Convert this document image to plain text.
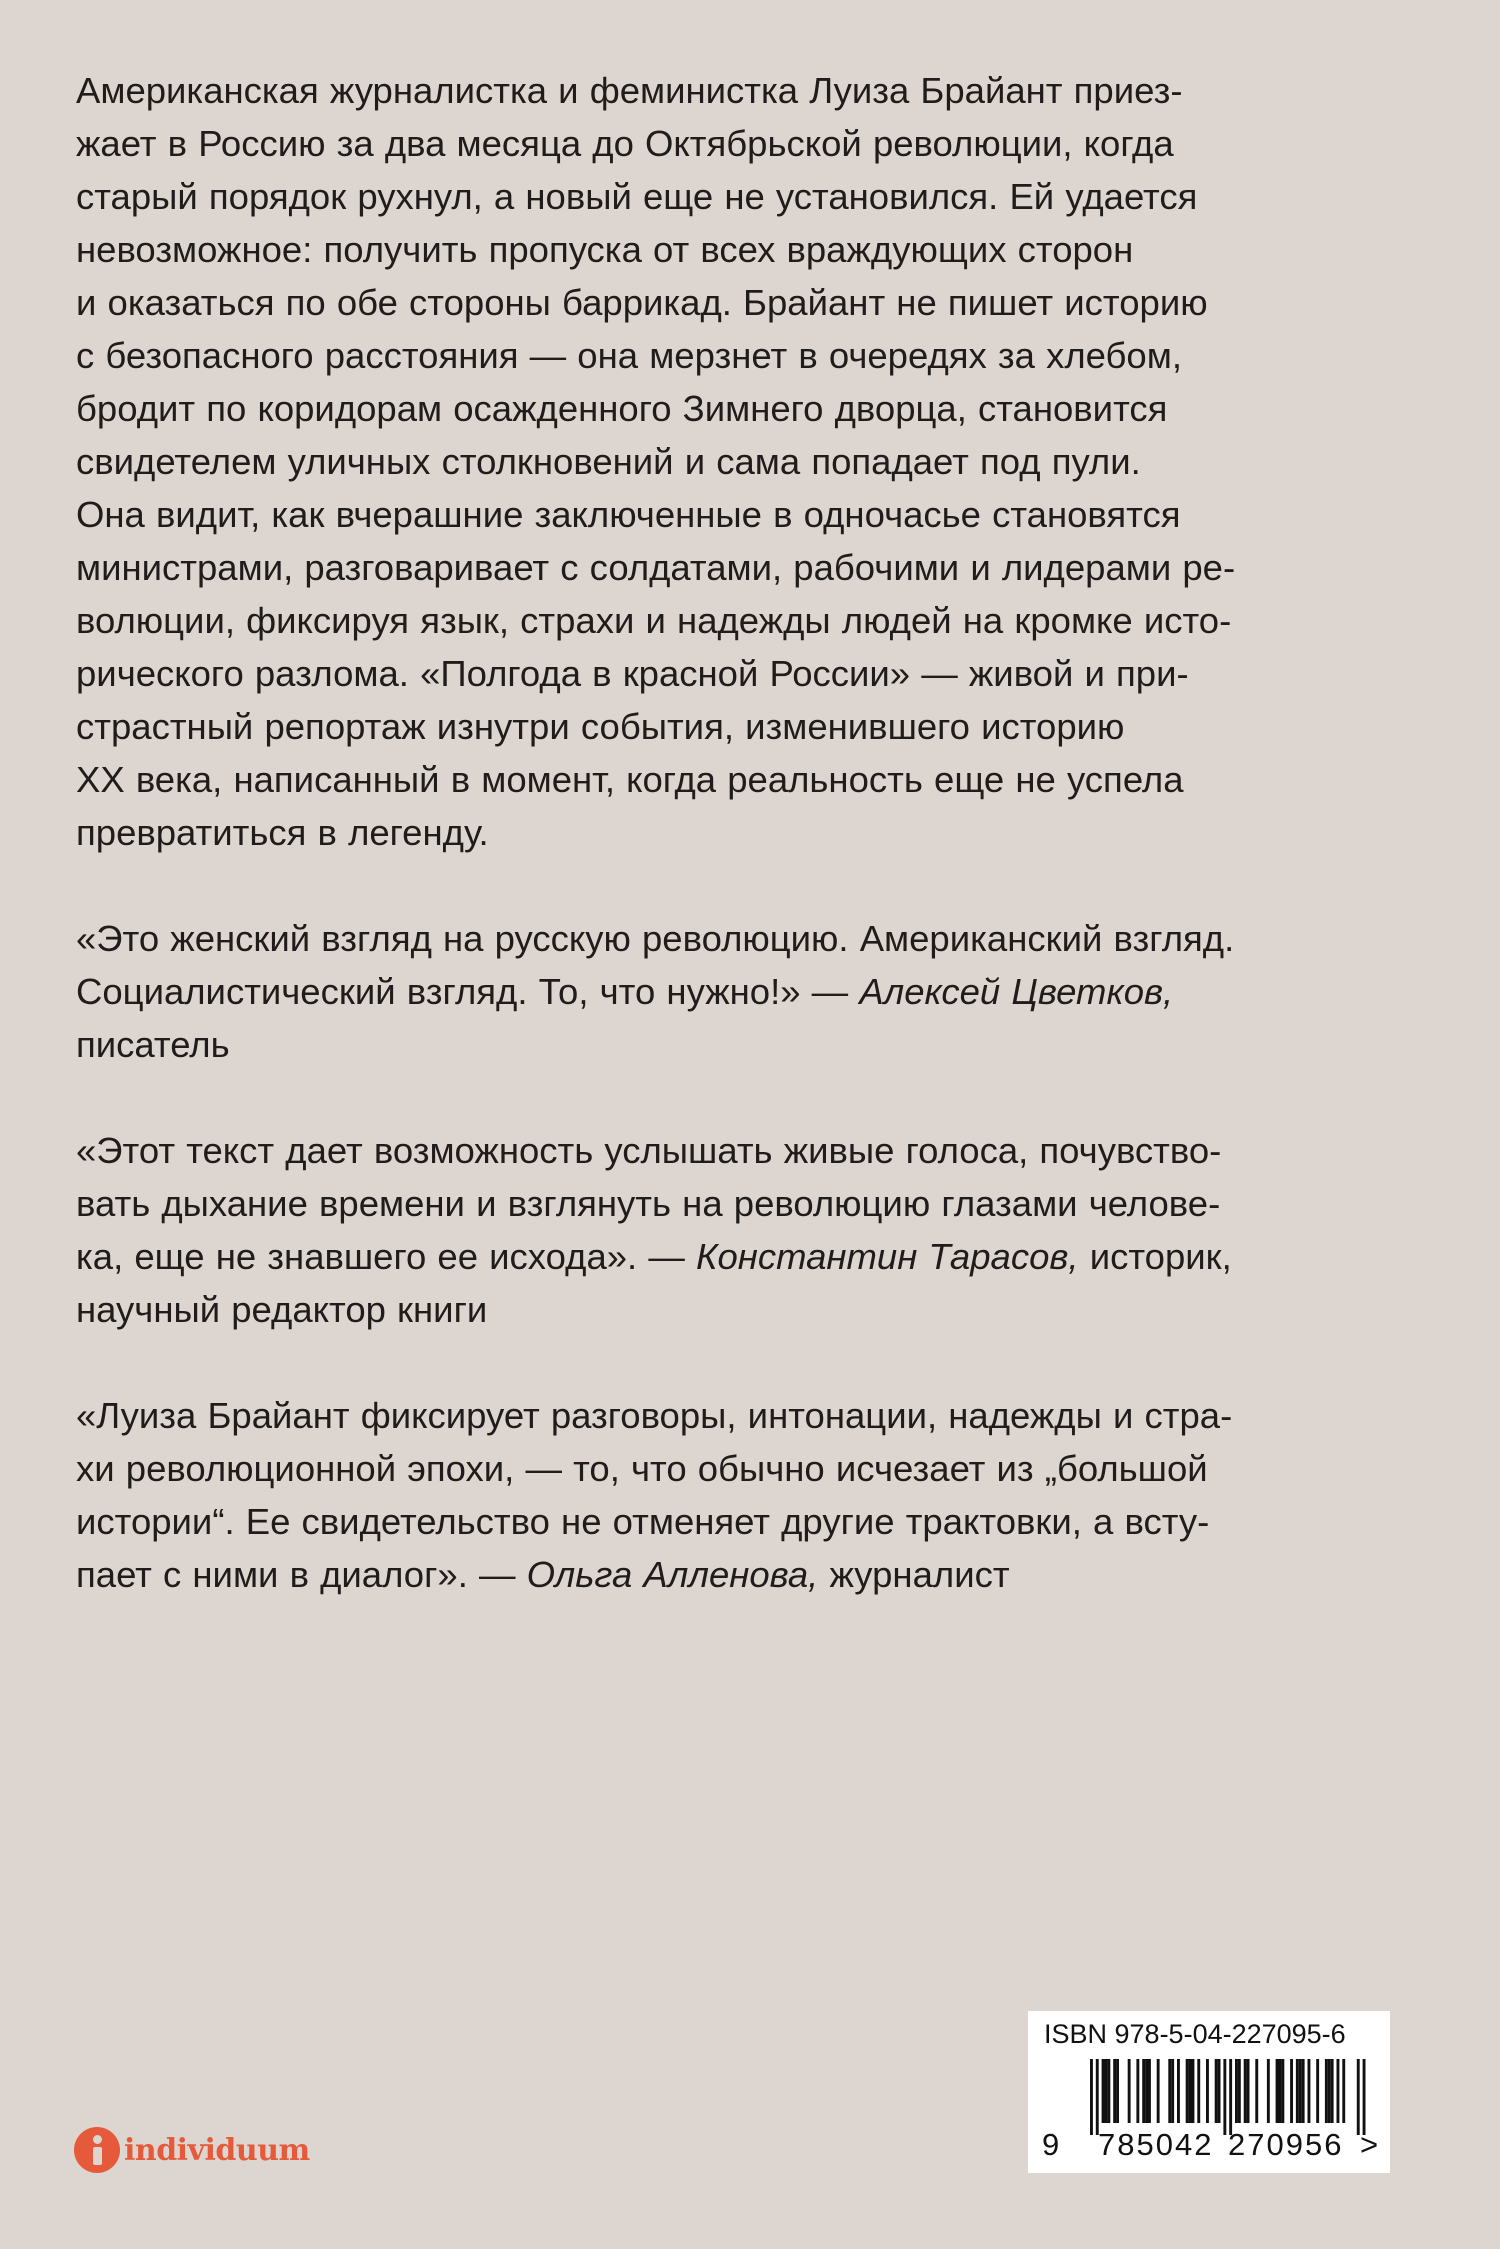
Американская журналистка и феминистка Луиза Брайант приез-
жает в Россию за два месяца до Октябрьской революции, когда
старый порядок рухнул, а новый еще не установился. Ей удается
невозможное: получить пропуска от всех враждующих сторон
и оказаться по обе стороны баррикад. Брайант не пишет историю
с безопасного расстояния — она мерзнет в очередях за хлебом,
бродит по коридорам осажденного Зимнего дворца, становится
свидетелем уличных столкновений и сама попадает под пули.
Она видит, как вчерашние заключенные в одночасье становятся
министрами, разговаривает с солдатами, рабочими и лидерами ре-
волюции, фиксируя язык, страхи и надежды людей на кромке исто-
рического разлома. «Полгода в красной России» — живой и при-
страстный репортаж изнутри события, изменившего историю
XX века, написанный в момент, когда реальность еще не успела
превратиться в легенду.

«Это женский взгляд на русскую революцию. Американский взгляд.
Социалистический взгляд. То, что нужно!» — Алексей Цветков,
писатель

«Этот текст дает возможность услышать живые голоса, почувство-
вать дыхание времени и взглянуть на революцию глазами челове-
ка, еще не знавшего ее исхода». — Константин Тарасов, историк,
научный редактор книги

«Луиза Брайант фиксирует разговоры, интонации, надежды и стра-
хи революционной эпохи, — то, что обычно исчезает из „большой
истории“. Ее свидетельство не отменяет другие трактовки, а всту-
пает с ними в диалог». — Ольга Алленова, журналист

individuum
ISBN 978-5-04-227095-6
9 785042 270956 >
